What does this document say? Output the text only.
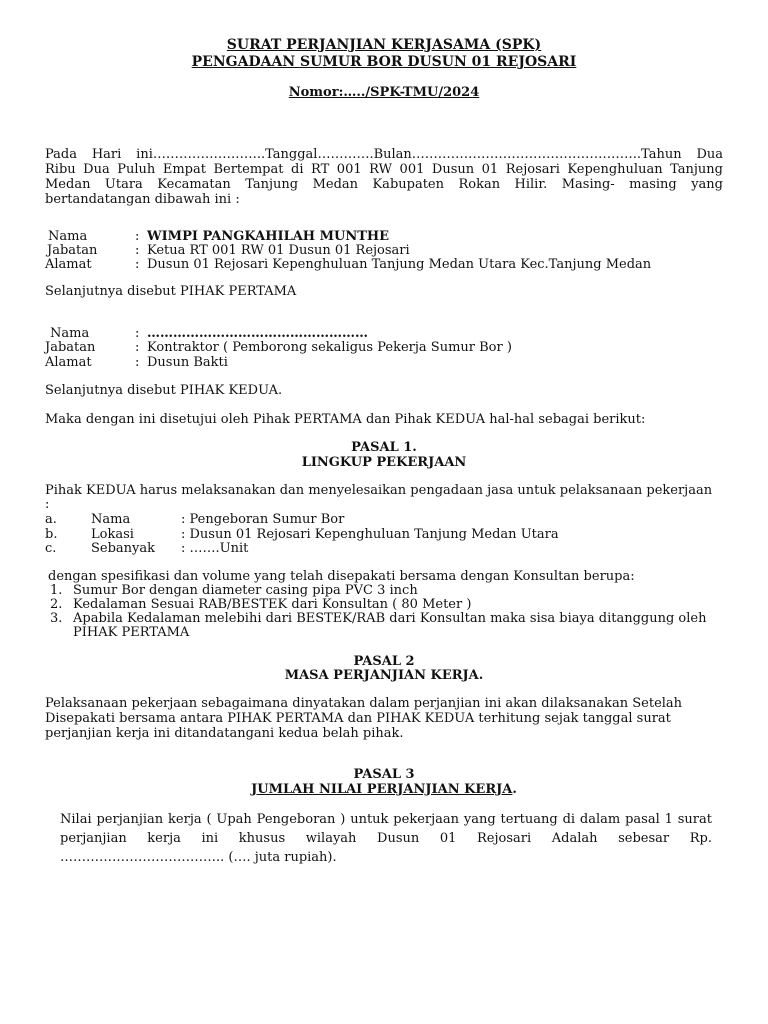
SURAT PERJANJIAN KERJASAMA (SPK)
PENGADAAN SUMUR BOR DUSUN 01 REJOSARI
Nomor:…../SPK-TMU/2024
Pada Hari ini……………………..Tanggal………….Bulan……………………………………………..Tahun Dua Ribu Dua Puluh Empat Bertempat di RT 001 RW 001 Dusun 01 Rejosari Kepenghuluan Tanjung Medan Utara Kecamatan Tanjung Medan Kabupaten Rokan Hilir. Masing- masing yang bertandatangan dibawah ini :
Nama	: WIMPI PANGKAHILAH MUNTHE
Jabatan	: Ketua RT 001 RW 01 Dusun 01 Rejosari
Alamat	: Dusun 01 Rejosari Kepenghuluan Tanjung Medan Utara Kec.Tanjung Medan
Selanjutnya disebut PIHAK PERTAMA
Nama	: ……………………………………………
Jabatan	: Kontraktor ( Pemborong sekaligus Pekerja Sumur Bor )
Alamat	: Dusun Bakti
Selanjutnya disebut PIHAK KEDUA.
Maka dengan ini disetujui oleh Pihak PERTAMA dan Pihak KEDUA hal-hal sebagai berikut:
PASAL 1.
LINGKUP PEKERJAAN
Pihak KEDUA harus melaksanakan dan menyelesaikan pengadaan jasa untuk pelaksanaan pekerjaan
:
a.	Nama	: Pengeboran Sumur Bor
b.	Lokasi	: Dusun 01 Rejosari Kepenghuluan Tanjung Medan Utara
c.	Sebanyak : …….Unit
dengan spesifikasi dan volume yang telah disepakati bersama dengan Konsultan berupa:
1. Sumur Bor dengan diameter casing pipa PVC 3 inch
2. Kedalaman Sesuai RAB/BESTEK dari Konsultan ( 80 Meter )
3. Apabila Kedalaman melebihi dari BESTEK/RAB dari Konsultan maka sisa biaya ditanggung oleh
PIHAK PERTAMA
PASAL 2
MASA PERJANJIAN KERJA.
Pelaksanaan pekerjaan sebagaimana dinyatakan dalam perjanjian ini akan dilaksanakan Setelah Disepakati bersama antara PIHAK PERTAMA dan PIHAK KEDUA terhitung sejak tanggal surat perjanjian kerja ini ditandatangani kedua belah pihak.
PASAL 3
JUMLAH NILAI PERJANJIAN KERJA.
Nilai perjanjian kerja ( Upah Pengeboran ) untuk pekerjaan yang tertuang di dalam pasal 1 surat perjanjian kerja ini khusus wilayah Dusun 01 Rejosari Adalah sebesar Rp. ……………………………….. (…. juta rupiah).
